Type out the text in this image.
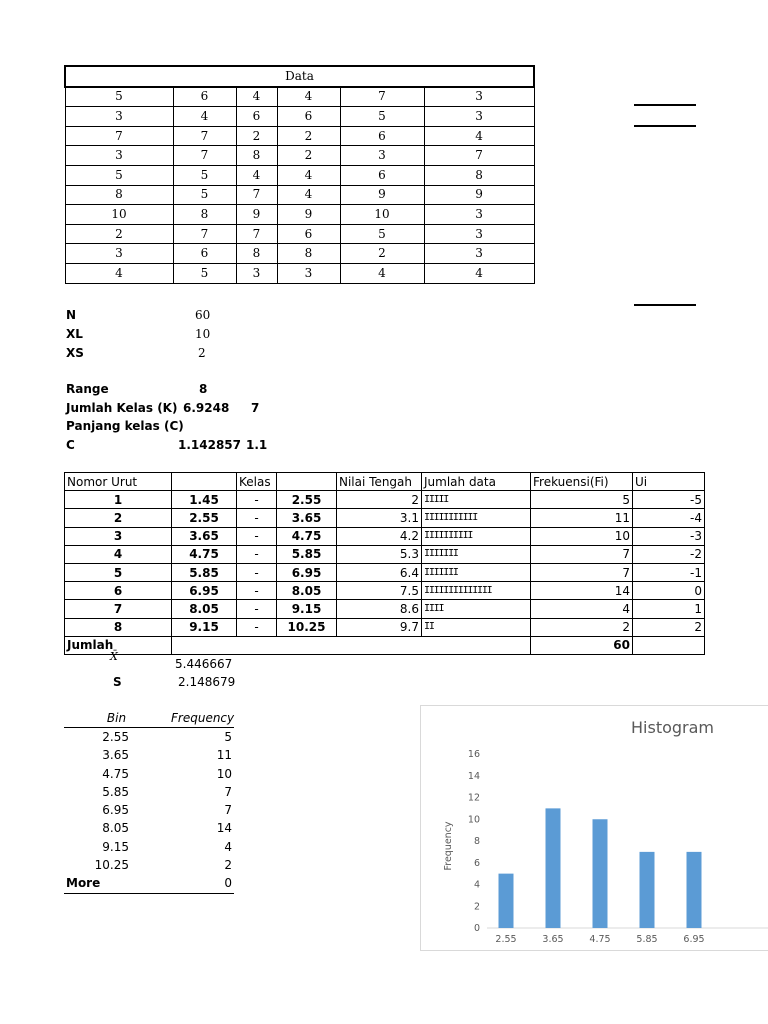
Data					
5	6	4	4	7	3
3	4	6	6	5	3
7	7	2	2	6	4
3	7	8	2	3	7
5	5	4	4	6	8
8	5	7	4	9	9
10	8	9	9	10	3
2	7	7	6	5	3
3	6	8	8	2	3
4	5	3	3	4	4
N	60
XL	10
XS	2
Range	8
Jumlah Kelas (K) 6.9248 7
Panjang kelas (C)
C	1.142857 1.1
Nomor Urut		Kelas		Nilai Tengah	Jumlah data	Frekuensi(Fi)	Ui
1	1.45	-	2.55	2	IIIII	5	-5
2	2.55	-	3.65	3.1	IIIIIIIIIII	11	-4
3	3.65	-	4.75	4.2	IIIIIIIIII	10	-3
4	4.75	-	5.85	5.3	IIIIIII	7	-2
5	5.85	-	6.95	6.4	IIIIIII	7	-1
6	6.95	-	8.05	7.5	IIIIIIIIIIIIII	14	0
7	8.05	-	9.15	8.6	IIII	4	1
8	9.15	-	10.25	9.7	II	2	2
Jumlah						60	
X̄
5.446667
S	2.148679
Bin	Frequency
2.55	5
3.65	11
4.75	10
5.85	7
6.95	7
8.05	14
9.15	4
10.25	2
More	0
Histogram
Frequency
0
2
4
6
8
10
12
14
16
2.55	3.65	4.75	5.85	6.95
